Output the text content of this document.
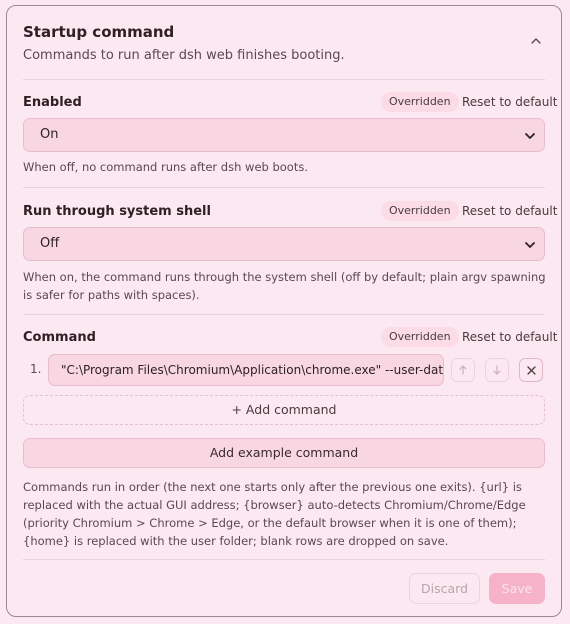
Startup command
Commands to run after dsh web finishes booting.
Enabled	Overridden Reset to default
On
When off, no command runs after dsh web boots.
Run through system shell	Overridden Reset to default
Off
When on, the command runs through the system shell (off by default; plain argv spawning is safer for paths with spaces).
Command	Overridden Reset to default
1.	"C:\Program Files\Chromium\Application\chrome.exe" --user-dat
+ Add command
Add example command
Commands run in order (the next one starts only after the previous one exits). {url} is replaced with the actual GUI address; {browser} auto-detects Chromium/Chrome/Edge (priority Chromium > Chrome > Edge, or the default browser when it is one of them); {home} is replaced with the user folder; blank rows are dropped on save.
Discard	Save
